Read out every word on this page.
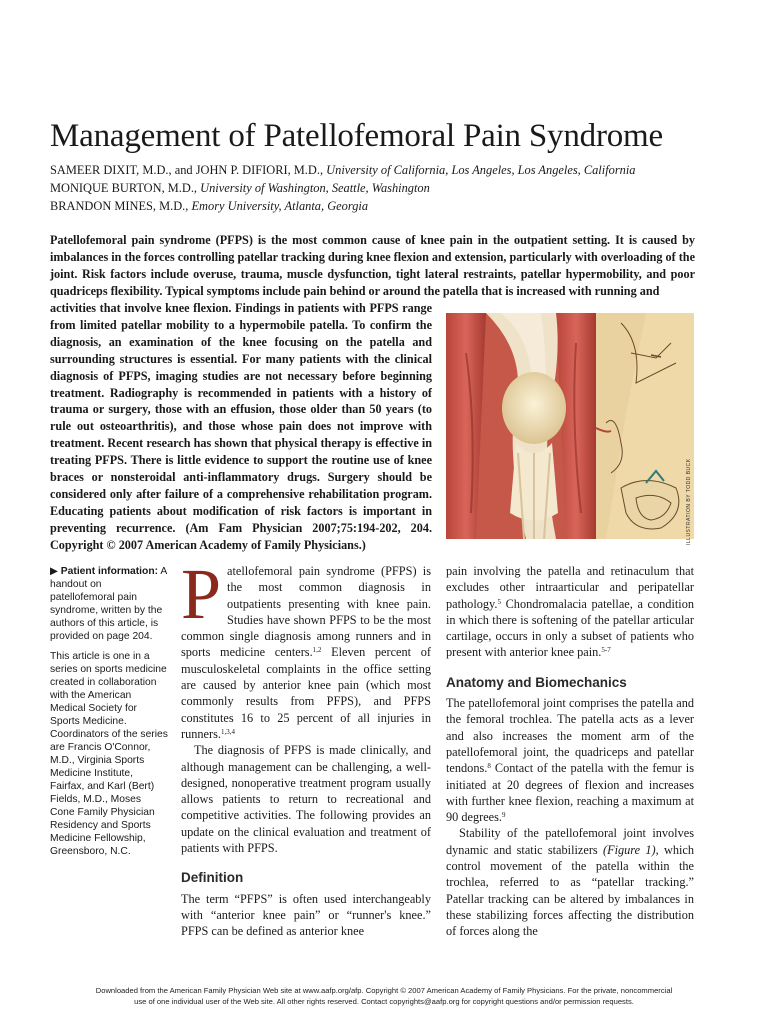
Management of Patellofemoral Pain Syndrome
SAMEER DIXIT, M.D., and JOHN P. DIFIORI, M.D., University of California, Los Angeles, Los Angeles, California
MONIQUE BURTON, M.D., University of Washington, Seattle, Washington
BRANDON MINES, M.D., Emory University, Atlanta, Georgia

Patellofemoral pain syndrome (PFPS) is the most common cause of knee pain in the outpatient setting. It is caused by imbalances in the forces controlling patellar tracking during knee flexion and extension, particularly with overloading of the joint. Risk factors include overuse, trauma, muscle dysfunction, tight lateral restraints, patellar hypermobility, and poor quadriceps flexibility. Typical symptoms include pain behind or around the patella that is increased with running and

activities that involve knee flexion. Findings in patients with PFPS range from limited patellar mobility to a hypermobile patella. To confirm the diagnosis, an examination of the knee focusing on the patella and surrounding structures is essential. For many patients with the clinical diagnosis of PFPS, imaging studies are not necessary before beginning treatment. Radiography is recommended in patients with a history of trauma or surgery, those with an effusion, those older than 50 years (to rule out osteoarthritis), and those whose pain does not improve with treatment. Recent research has shown that physical therapy is effective in treating PFPS. There is little evidence to support the routine use of knee braces or nonsteroidal anti-inflammatory drugs. Surgery should be considered only after failure of a comprehensive rehabilitation program. Educating patients about modification of risk factors is important in preventing recurrence. (Am Fam Physician 2007;75:194-202, 204. Copyright © 2007 American Academy of Family Physicians.)	ILLUSTRATION BY TODD BUCK

▶ Patient information: A handout on patellofemoral pain syndrome, written by the authors of this article, is provided on page 204.

This article is one in a series on sports medicine created in collaboration with the American Medical Society for Sports Medicine. Coordinators of the series are Francis O'Connor, M.D., Virginia Sports Medicine Institute, Fairfax, and Karl (Bert) Fields, M.D., Moses Cone Family Physician Residency and Sports Medicine Fellowship, Greensboro, N.C.

Patellofemoral pain syndrome (PFPS) is the most common diagnosis in outpatients presenting with knee pain. Studies have shown PFPS to be the most common single diagnosis among runners and in sports medicine centers.$^{1,2}$ Eleven percent of musculoskeletal complaints in the office setting are caused by anterior knee pain (which most commonly results from PFPS), and PFPS constitutes 16 to 25 percent of all injuries in runners.$^{1,3,4}$

The diagnosis of PFPS is made clinically, and although management can be challenging, a well-designed, nonoperative treatment program usually allows patients to return to recreational and competitive activities. The following provides an update on the clinical evaluation and treatment of patients with PFPS.

Definition

The term “PFPS” is often used interchangeably with “anterior knee pain” or “runner's knee.” PFPS can be defined as anterior knee

pain involving the patella and retinaculum that excludes other intraarticular and peripatellar pathology.$^5$ Chondromalacia patellae, a condition in which there is softening of the patellar articular cartilage, occurs in only a subset of patients who present with anterior knee pain.$^{5-7}$

Anatomy and Biomechanics

The patellofemoral joint comprises the patella and the femoral trochlea. The patella acts as a lever and also increases the moment arm of the patellofemoral joint, the quadriceps and patellar tendons.$^8$ Contact of the patella with the femur is initiated at 20 degrees of flexion and increases with further knee flexion, reaching a maximum at 90 degrees.$^9$

Stability of the patellofemoral joint involves dynamic and static stabilizers (Figure 1), which control movement of the patella within the trochlea, referred to as “patellar tracking.” Patellar tracking can be altered by imbalances in these stabilizing forces affecting the distribution of forces along the

Downloaded from the American Family Physician Web site at www.aafp.org/afp. Copyright © 2007 American Academy of Family Physicians. For the private, noncommercial
use of one individual user of the Web site. All other rights reserved. Contact copyrights@aafp.org for copyright questions and/or permission requests.
